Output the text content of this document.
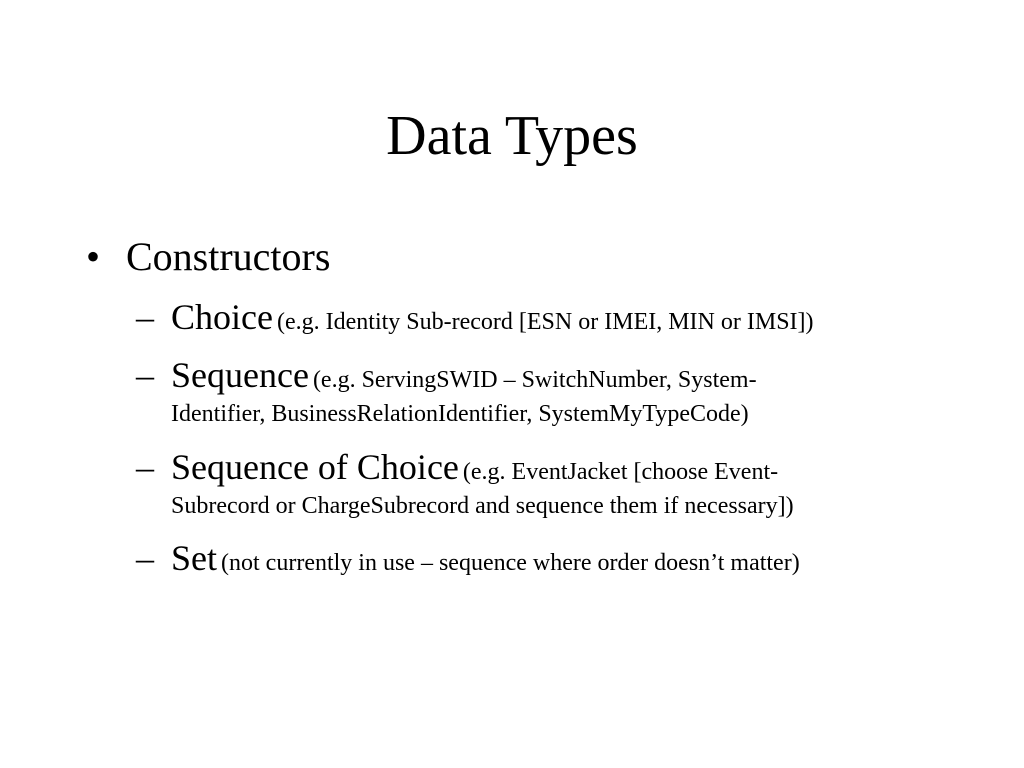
Data Types
• Constructors
– Choice (e.g. Identity Sub-record [ESN or IMEI, MIN or IMSI])
– Sequence (e.g. ServingSWID – SwitchNumber, System-
Identifier, BusinessRelationIdentifier, SystemMyTypeCode)
– Sequence of Choice (e.g. EventJacket [choose Event-
Subrecord or ChargeSubrecord and sequence them if necessary])
– Set (not currently in use – sequence where order doesn’t matter)
